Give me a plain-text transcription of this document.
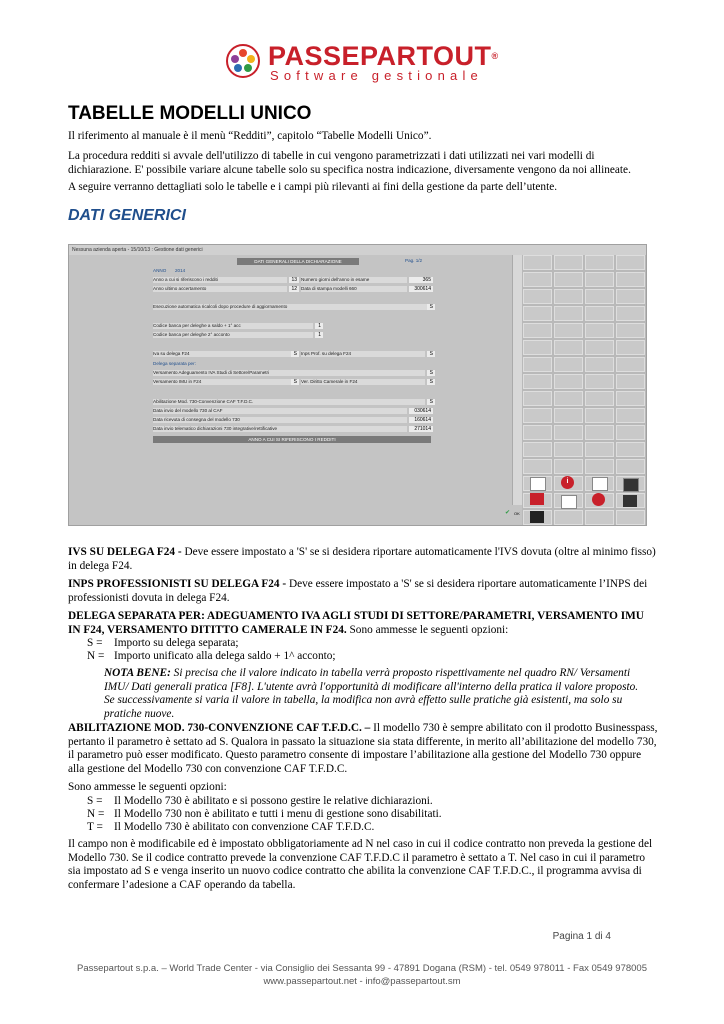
PASSEPARTOUT®
Software gestionale
TABELLE MODELLI UNICO

Il riferimento al manuale è il menù “Redditi”, capitolo “Tabelle Modelli Unico”.

La procedura redditi si avvale dell'utilizzo di tabelle in cui vengono parametrizzati i dati utilizzati nei vari modelli di dichiarazione. E' possibile variare alcune tabelle solo su specifica nostra indicazione, diversamente vengono da noi allineate.

A seguire verranno dettagliati solo le tabelle e i campi più rilevanti ai fini della gestione da parte dell’utente.

DATI GENERICI
Nessuna azienda aperta - 15/10/13 : Gestione dati generici
DATI GENERALI DELLA DICHIARAZIONE	Pag. 1/2
ANNO 2014
Anno a cui si riferiscono i redditi	13
Anno ultimo accertamento	12
Numero giorni dell'anno in esame	365
Data di stampa modelli 660	300614
Esecuzione automatica ricalcoli dopo procedure di aggiornamento	S
Codice banca per deleghe a saldo + 1° acc	1
Codice banca per deleghe 2° acconto	1
Iva su delega F24	S Inps Prof. su delega F24	S
Delega separata per:
Versamento Adeguamento IVA Studi di Settore/Parametri	S
Versamento IMU in F24	S Ver. Diritto Camerale in F24	S
Abilitazione Mod. 730-Convenzione CAF T.F.D.C.	S
Data invio del modello 730 al CAF	030614
Data ricevuta di consegna del modello 730	160614
Data invio telematico dichiarazioni 730 integrative/rettificative	271014
ANNO A CUI SI RIFERISCONO I REDDITI
✔ OK
i

IVS SU DELEGA F24 - Deve essere impostato a 'S' se si desidera riportare automaticamente l'IVS dovuta (oltre al minimo fisso) in delega F24.

INPS PROFESSIONISTI SU DELEGA F24 - Deve essere impostato a 'S' se si desidera riportare automaticamente l’INPS dei professionisti dovuta in delega F24.

DELEGA SEPARATA PER: ADEGUAMENTO IVA AGLI STUDI DI SETTORE/PARAMETRI, VERSAMENTO IMU IN F24, VERSAMENTO DITITTO CAMERALE IN F24. Sono ammesse le seguenti opzioni:

S = Importo su delega separata;
N = Importo unificato alla delega saldo + 1^ acconto;
NOTA BENE: Si precisa che il valore indicato in tabella verrà proposto rispettivamente nel quadro RN/ Versamenti IMU/ Dati generali pratica [F8]. L'utente avrà l'opportunità di modificare all'interno della pratica il valore proposto. Se successivamente si varia il valore in tabella, la modifica non avrà effetto sulle pratiche già esistenti, ma solo su pratiche nuove.

ABILITAZIONE MOD. 730-CONVENZIONE CAF T.F.D.C. – Il modello 730 è sempre abilitato con il prodotto Businesspass, pertanto il parametro è settato ad S. Qualora in passato la situazione sia stata differente, in merito all’abilitazione del modello 730, il parametro può esser modificato. Questo parametro consente di impostare l’abilitazione alla gestione del Modello 730 oppure alla gestione del Modello 730 con convenzione CAF T.F.D.C.

Sono ammesse le seguenti opzioni:

S = Il Modello 730 è abilitato e si possono gestire le relative dichiarazioni.
N = Il Modello 730 non è abilitato e tutti i menu di gestione sono disabilitati.
T = Il Modello 730 è abilitato con convenzione CAF T.F.D.C.

Il campo non è modificabile ed è impostato obbligatoriamente ad N nel caso in cui il codice contratto non preveda la gestione del Modello 730. Se il codice contratto prevede la convenzione CAF T.F.D.C il parametro è settato a T. Nel caso in cui il parametro sia impostato ad S e venga inserito un nuovo codice contratto che abilita la convenzione CAF T.F.D.C., il programma avvisa di confermare l’adesione a CAF operando da tabella.

Pagina 1 di 4
Passepartout s.p.a. – World Trade Center - via Consiglio dei Sessanta 99 - 47891 Dogana (RSM) - tel. 0549 978011 - Fax 0549 978005
www.passepartout.net - info@passepartout.sm
